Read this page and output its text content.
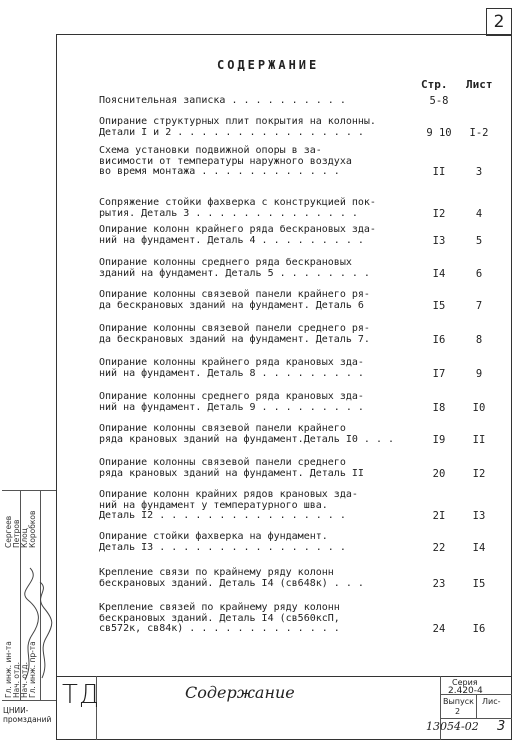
2
СОДЕРЖАНИЕ
Стр. Лист
Пояснительная записка . . . . . . . . . .	5-8
Опирание структурных плит покрытия на колонны.
Детали I и 2 . . . . . . . . . . . . . . . .	9 10	I-2
Схема установки подвижной опоры в за-
висимости от температуры наружного воздуха
во время монтажа . . . . . . . . . . . .	II	3
Сопряжение стойки фахверка с конструкцией пок-
рытия. Деталь 3 . . . . . . . . . . . . . .	I2	4
Опирание колонн крайнего ряда бескрановых зда-
ний на фундамент. Деталь 4 . . . . . . . . .	I3	5
Опирание колонны среднего ряда бескрановых
зданий на фундамент. Деталь 5 . . . . . . . .	I4	6
Опирание колонны связевой панели крайнего ря-
да бескрановых зданий на фундамент. Деталь 6	I5	7
Опирание колонны связевой панели среднего ря-
да бескрановых зданий на фундамент. Деталь 7.	I6	8
Опирание колонны крайнего ряда крановых зда-
ний на фундамент. Деталь 8 . . . . . . . . .	I7	9
Опирание колонны среднего ряда крановых зда-
ний на фундамент. Деталь 9 . . . . . . . . .	I8	I0
Опирание колонны связевой панели крайнего
ряда крановых зданий на фундамент.Деталь I0 . . .	I9	II
Опирание колонны связевой панели среднего
ряда крановых зданий на фундамент. Деталь II	20	I2
Опирание колонн крайних рядов крановых зда-
ний на фундамент у температурного шва.
Деталь I2 . . . . . . . . . . . . . . . .	2I	I3
Опирание стойки фахверка на фундамент.
Деталь I3 . . . . . . . . . . . . . . . .	22	I4
Крепление связи по крайнему ряду колонн
бескрановых зданий. Деталь I4 (св648к) . . .	23	I5
Крепление связей по крайнему ряду колонн
бескрановых зданий. Деталь I4 (св560ксП,
св572к, св84к) . . . . . . . . . . . . .	24	I6
Гл. инж. ин-та Нач. отд. Нач. отд. Гл. инж. пр-та
Сергеев Петров Клоц Коробков
ЦНИИ-
промзданий
ТД	Содержание
Серия
2.420-4
Выпуск
2
Лис-
3
13054-02
